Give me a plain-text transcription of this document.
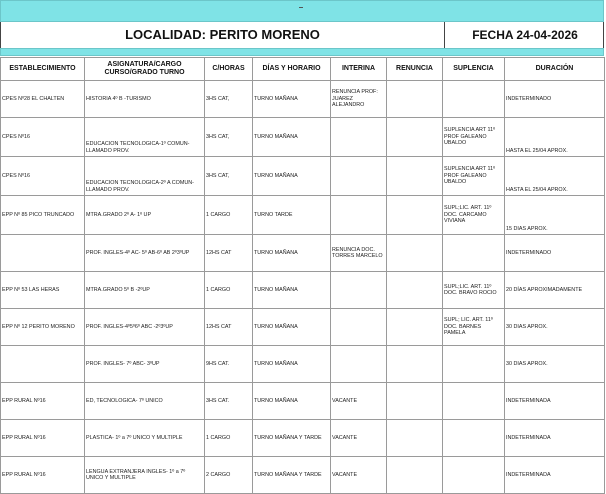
LOCALIDAD: PERITO MORENO	FECHA 24-04-2026
ESTABLECIMIENTO	ASIGNATURA/CARGO CURSO/GRADO TURNO	C/HORAS	DÍAS Y HORARIO	INTERINA	RENUNCIA	SUPLENCIA	DURACIÓN
CPES Nº28 EL CHALTEN	HISTORIA 4º B -TURISMO	3HS CAT,	TURNO MAÑANA	RENUNCIA PROF: JUAREZ ALEJANDRO			INDETERMINADO
CPES Nº16	EDUCACION TECNOLOGICA-1º COMUN- LLAMADO PROV.	3HS CAT,	TURNO MAÑANA			SUPLENCIA ART 11º PROF GALEANO UBALDO	HASTA EL 25/04 APROX.
CPES Nº16	EDUCACION TECNOLOGICA-2º A COMUN- LLAMADO PROV.	3HS CAT,	TURNO MAÑANA			SUPLENCIA ART 11º PROF GALEANO UBALDO	HASTA EL 25/04 APROX.
EPP Nº 85 PICO TRUNCADO	MTRA.GRADO 2º A- 1º UP	1 CARGO	TURNO TARDE			SUPL;LIC. ART. 11º DOC. CARCAMO VIVIANA	15 DIAS APROX.
	PROF. INGLES-4º AC- 5º AB-6º AB 2º3ºUP	12HS CAT	TURNO MAÑANA	RENUNCIA DOC. TORRES MARCELO			INDETERMINADO
EPP Nº 53 LAS HERAS	MTRA.GRADO 5º B -2ºUP	1 CARGO	TURNO MAÑANA			SUPL;LIC. ART. 11º DOC. BRAVO ROCIO	20 DÍAS APROXIMADAMENTE
EPP Nº 12 PERITO MORENO	PROF. INGLES-4º5º6º ABC -2º3ºUP	12HS CAT	TURNO MAÑANA			SUPL; LIC. ART. 11º DOC. BARNES PAMELA	30 DIAS APROX.
	PROF. INGLES- 7º ABC- 3ºUP	9HS CAT.	TURNO MAÑANA				30 DIAS APROX.
EPP RURAL Nº16	ED, TECNOLOGICA- 7º UNICO	3HS CAT.	TURNO MAÑANA	VACANTE			INDETERMINADA
EPP RURAL Nº16	PLASTICA- 1º a 7º UNICO Y MULTIPLE	1 CARGO	TURNO MAÑANA Y TARDE	VACANTE			INDETERMINADA
EPP RURAL Nº16	LENGUA EXTRANJERA INGLES- 1º a 7º UNICO Y MULTIPLE	2 CARGO	TURNO MAÑANA Y TARDE	VACANTE			INDETERMINADA
